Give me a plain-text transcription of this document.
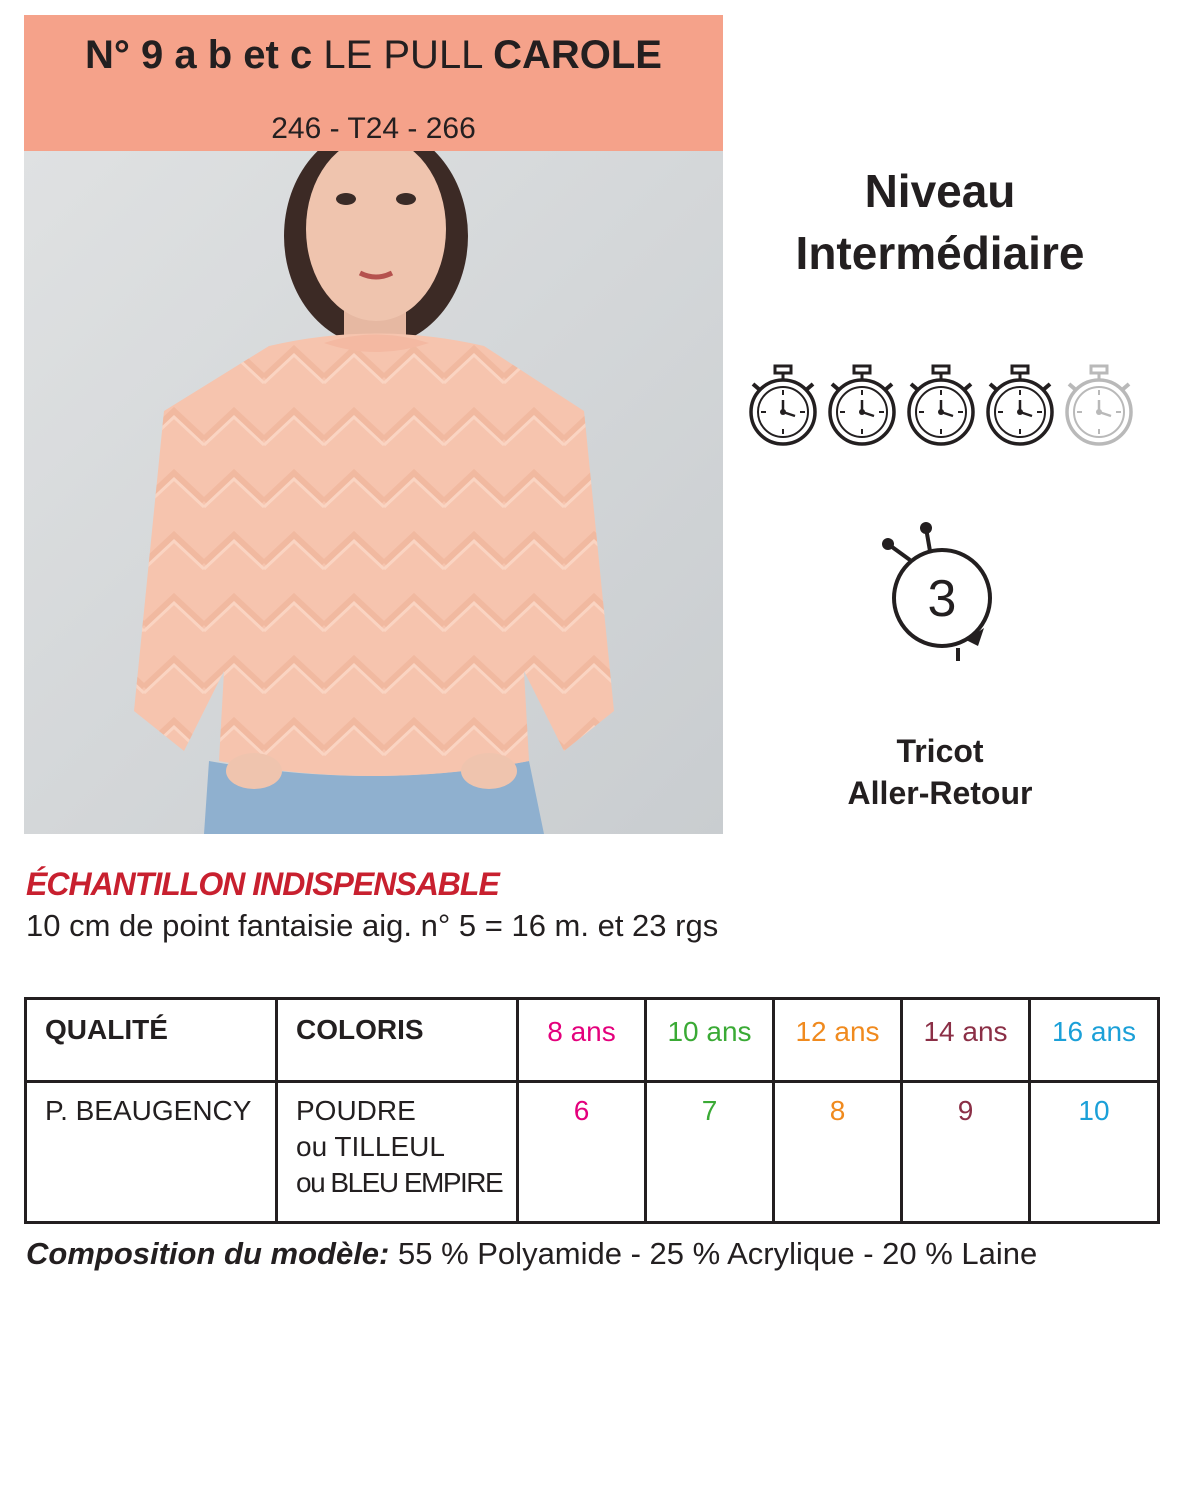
N° 9 a b et c LE PULL CAROLE
246 - T24 - 266
Niveau
Intermédiaire
3
Tricot
Aller-Retour
ÉCHANTILLON INDISPENSABLE
10 cm de point fantaisie aig. n° 5 = 16 m. et 23 rgs
QUALITÉ	COLORIS	8 ans	10 ans	12 ans	14 ans	16 ans
P. BEAUGENCY	POUDRE
ou TILLEUL
ou BLEU EMPIRE	6	7	8	9	10
Composition du modèle: 55 % Polyamide - 25 % Acrylique - 20 % Laine
